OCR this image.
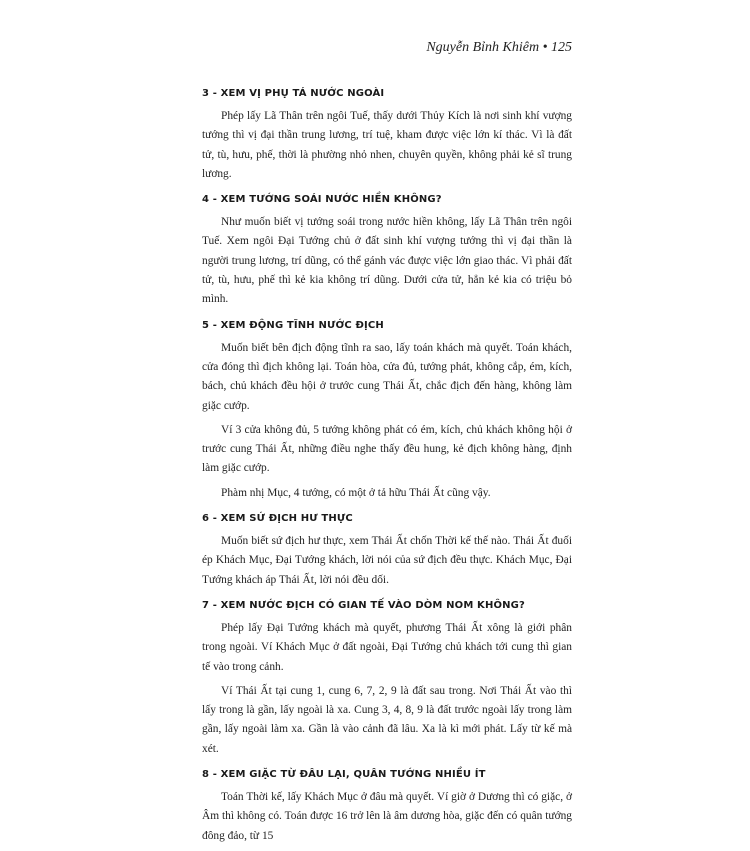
Nguyễn Bỉnh Khiêm • 125
3 - XEM VỊ PHỤ TÁ NƯỚC NGOÀI

Phép lấy Lã Thân trên ngôi Tuế, thấy dưới Thủy Kích là nơi sinh khí vượng tướng thì vị đại thần trung lương, trí tuệ, kham được việc lớn kí thác. Vì là đất tử, tù, hưu, phế, thời là phường nhỏ nhen, chuyên quyền, không phải kẻ sĩ trung lương.

4 - XEM TƯỚNG SOÁI NƯỚC HIỀN KHÔNG?

Như muốn biết vị tướng soái trong nước hiền không, lấy Lã Thân trên ngôi Tuế. Xem ngôi Đại Tướng chủ ở đất sinh khí vượng tướng thì vị đại thần là người trung lương, trí dũng, có thể gánh vác được việc lớn giao thác. Vì phải đất tử, tù, hưu, phế thì kẻ kia không trí dũng. Dưới cửa tử, hẳn kẻ kia có triệu bỏ mình.

5 - XEM ĐỘNG TĨNH NƯỚC ĐỊCH

Muốn biết bên địch động tĩnh ra sao, lấy toán khách mà quyết. Toán khách, cửa đóng thì địch không lại. Toán hòa, cửa đủ, tướng phát, không cắp, ém, kích, bách, chủ khách đều hội ở trước cung Thái Ất, chắc địch đến hàng, không làm giặc cướp.

Ví 3 cửa không đủ, 5 tướng không phát có ém, kích, chủ khách không hội ở trước cung Thái Ất, những điều nghe thấy đều hung, kẻ địch không hàng, định làm giặc cướp.

Phàm nhị Mục, 4 tướng, có một ở tả hữu Thái Ất cũng vậy.

6 - XEM SỨ ĐỊCH HƯ THỰC

Muốn biết sứ địch hư thực, xem Thái Ất chốn Thời kế thế nào. Thái Ất đuối ép Khách Mục, Đại Tướng khách, lời nói của sứ địch đều thực. Khách Mục, Đại Tướng khách áp Thái Ất, lời nói đều dối.

7 - XEM NƯỚC ĐỊCH CÓ GIAN TẾ VÀO DÒM NOM KHÔNG?

Phép lấy Đại Tướng khách mà quyết, phương Thái Ất xông là giới phân trong ngoài. Ví Khách Mục ở đất ngoài, Đại Tướng chủ khách tới cung thì gian tế vào trong cảnh.

Ví Thái Ất tại cung 1, cung 6, 7, 2, 9 là đất sau trong. Nơi Thái Ất vào thì lấy trong là gần, lấy ngoài là xa. Cung 3, 4, 8, 9 là đất trước ngoài lấy trong làm gần, lấy ngoài làm xa. Gần là vào cảnh đã lâu. Xa là kì mới phát. Lấy từ kế mà xét.

8 - XEM GIẶC TỪ ĐÂU LẠI, QUÂN TƯỚNG NHIỀU ÍT

Toán Thời kế, lấy Khách Mục ở đâu mà quyết. Ví giờ ở Dương thì có giặc, ở Âm thì không có. Toán được 16 trở lên là âm dương hòa, giặc đến có quân tướng đông đảo, từ 15
